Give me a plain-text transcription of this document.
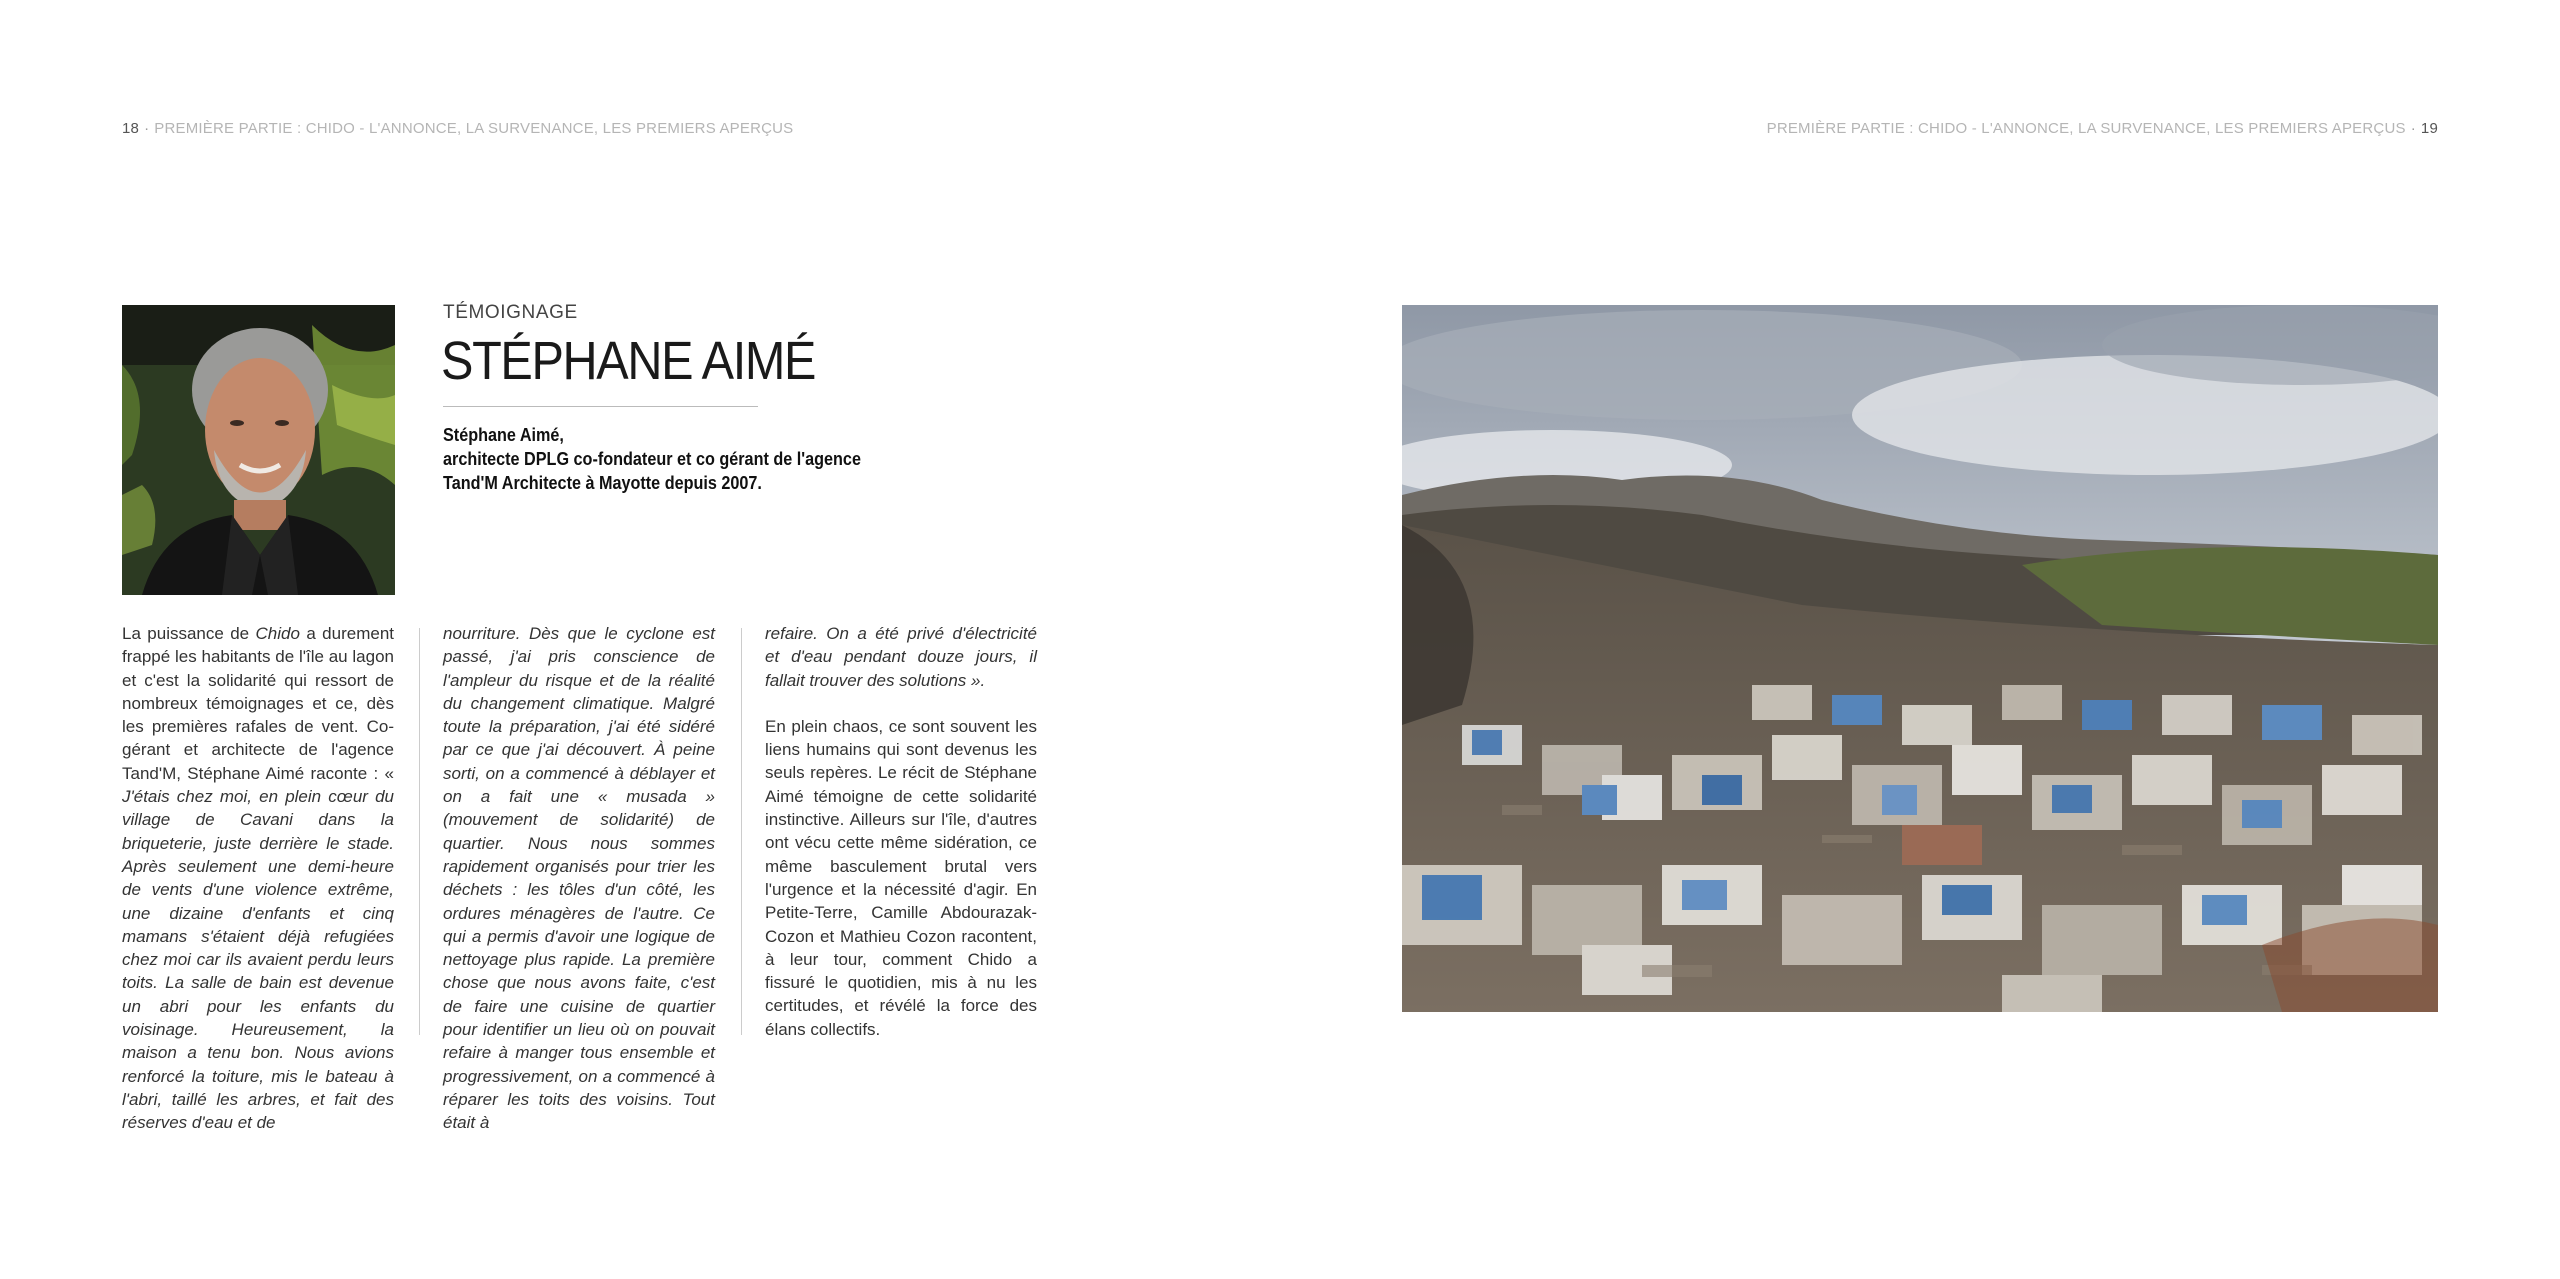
18 · PREMIÈRE PARTIE : CHIDO - L'ANNONCE, LA SURVENANCE, LES PREMIERS APERÇUS
TÉMOIGNAGE
STÉPHANE AIMÉ
Stéphane Aimé,
architecte DPLG co-fondateur et co gérant de l'agence
Tand'M Architecte à Mayotte depuis 2007.

La puissance de Chido a durement frappé les habitants de l'île au lagon et c'est la solidarité qui ressort de nombreux témoignages et ce, dès les premières rafales de vent. Co-gérant et architecte de l'agence Tand'M, Stéphane Aimé raconte : « J'étais chez moi, en plein cœur du village de Cavani dans la briqueterie, juste derrière le stade. Après seulement une demi-heure de vents d'une violence extrême, une dizaine d'enfants et cinq mamans s'étaient déjà refugiées chez moi car ils avaient perdu leurs toits. La salle de bain est devenue un abri pour les enfants du voisinage. Heureusement, la maison a tenu bon. Nous avions renforcé la toiture, mis le bateau à l'abri, taillé les arbres, et fait des réserves d'eau et de

nourriture. Dès que le cyclone est passé, j'ai pris conscience de l'ampleur du risque et de la réalité du changement climatique. Malgré toute la préparation, j'ai été sidéré par ce que j'ai découvert. À peine sorti, on a commencé à déblayer et on a fait une « musada » (mouvement de solidarité) de quartier. Nous nous sommes rapidement organisés pour trier les déchets : les tôles d'un côté, les ordures ménagères de l'autre. Ce qui a permis d'avoir une logique de nettoyage plus rapide. La première chose que nous avons faite, c'est de faire une cuisine de quartier pour identifier un lieu où on pouvait refaire à manger tous ensemble et progressivement, on a commencé à réparer les toits des voisins. Tout était à

refaire. On a été privé d'électricité et d'eau pendant douze jours, il fallait trouver des solutions ».

En plein chaos, ce sont souvent les liens humains qui sont devenus les seuls repères. Le récit de Stéphane Aimé témoigne de cette solidarité instinctive. Ailleurs sur l'île, d'autres ont vécu cette même sidération, ce même basculement brutal vers l'urgence et la nécessité d'agir. En Petite-Terre, Camille Abdourazak-Cozon et Mathieu Cozon racontent, à leur tour, comment Chido a fissuré le quotidien, mis à nu les certitudes, et révélé la force des élans collectifs.

PREMIÈRE PARTIE : CHIDO - L'ANNONCE, LA SURVENANCE, LES PREMIERS APERÇUS · 19
